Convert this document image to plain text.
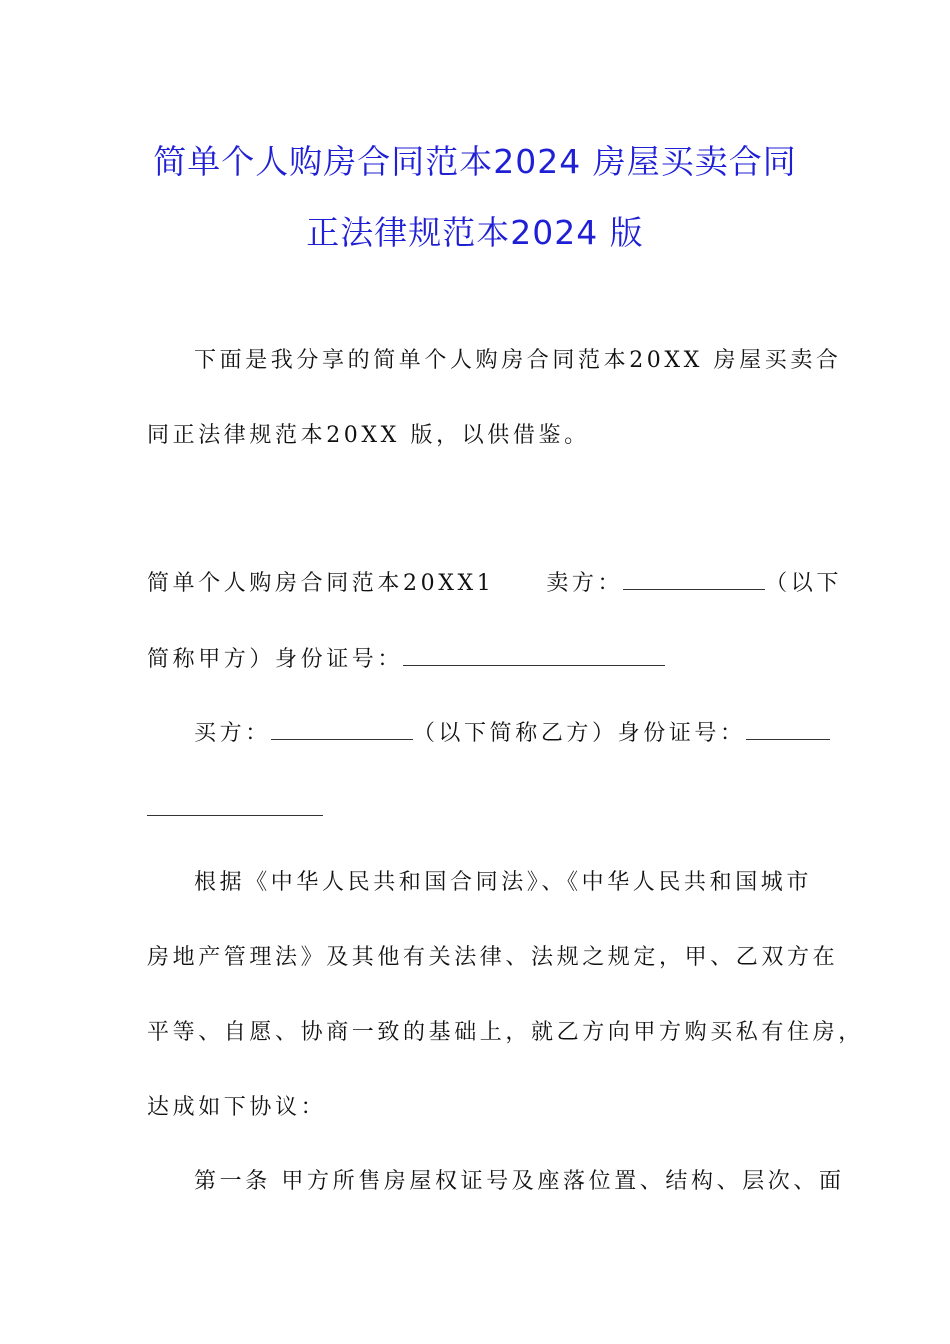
简单个人购房合同范本2024 房屋买卖合同
正法律规范本2024 版
下面是我分享的简单个人购房合同范本20XX 房屋买卖合
同正法律规范本20XX 版，以供借鉴。
简单个人购房合同范本20XX1 卖方：	（以下
简称甲方）身份证号：
买方：	（以下简称乙方）身份证号：
根据《中华人民共和国合同法》、《中华人民共和国城市
房地产管理法》及其他有关法律、法规之规定，甲、乙双方在
平等、自愿、协商一致的基础上，就乙方向甲方购买私有住房，
达成如下协议：
第一条 甲方所售房屋权证号及座落位置、结构、层次、面
